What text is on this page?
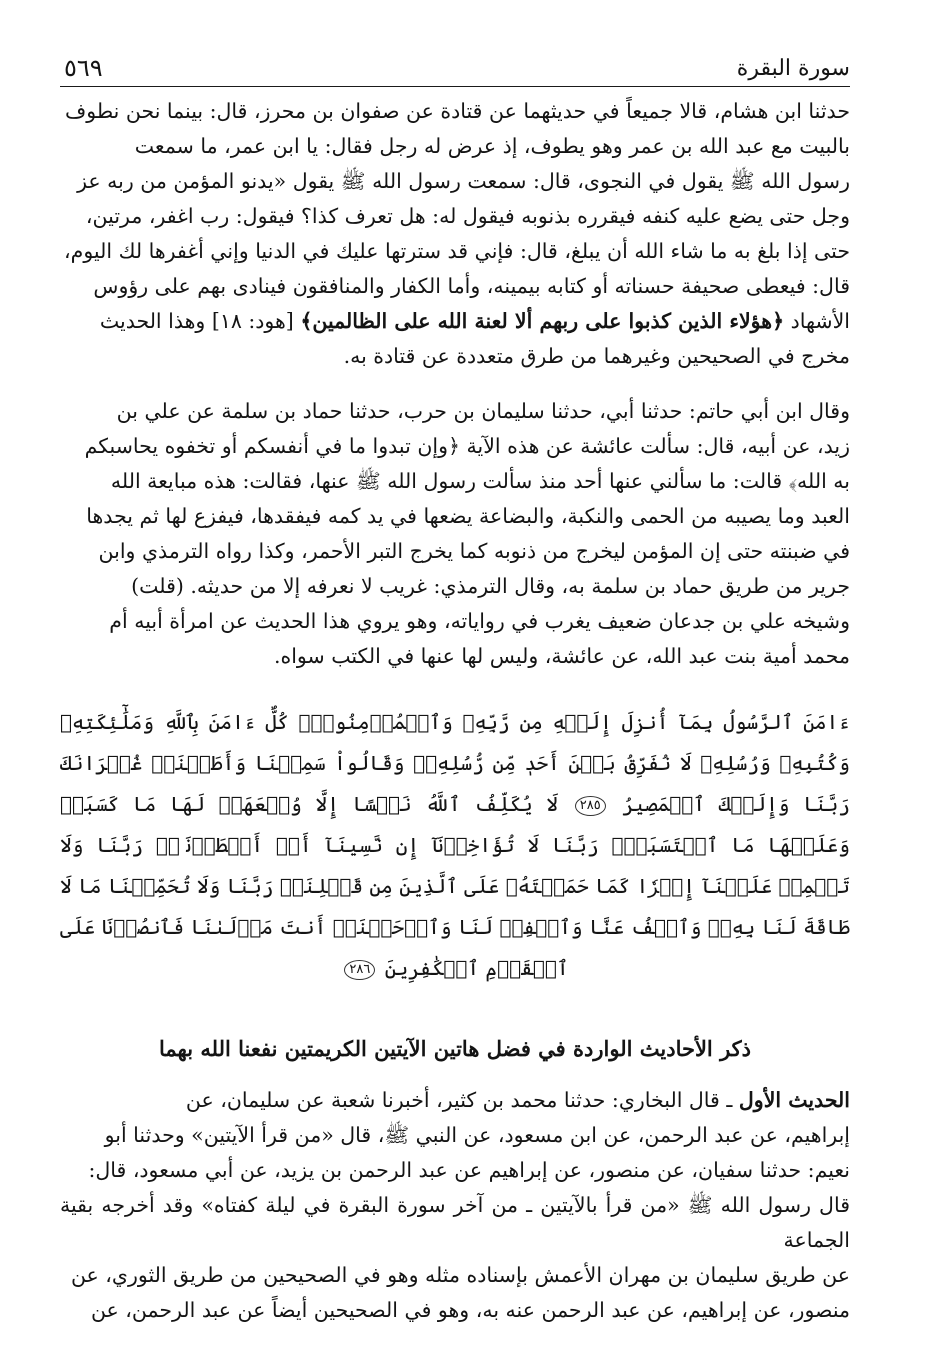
سورة البقرة
٥٦٩

حدثنا ابن هشام، قالا جميعاً في حديثهما عن قتادة عن صفوان بن محرز، قال: بينما نحن نطوف

بالبيت مع عبد الله بن عمر وهو يطوف، إذ عرض له رجل فقال: يا ابن عمر، ما سمعت

رسول الله ﷺ يقول في النجوى، قال: سمعت رسول الله ﷺ يقول «يدنو المؤمن من ربه عز

وجل حتى يضع عليه كنفه فيقرره بذنوبه فيقول له: هل تعرف كذا؟ فيقول: رب اغفر، مرتين،

حتى إذا بلغ به ما شاء الله أن يبلغ، قال: فإني قد سترتها عليك في الدنيا وإني أغفرها لك اليوم،

قال: فيعطى صحيفة حسناته أو كتابه بيمينه، وأما الكفار والمنافقون فينادى بهم على رؤوس

الأشهاد ﴿هؤلاء الذين كذبوا على ربهم ألا لعنة الله على الظالمين﴾ [هود: ١٨] وهذا الحديث

مخرج في الصحيحين وغيرهما من طرق متعددة عن قتادة به.

وقال ابن أبي حاتم: حدثنا أبي، حدثنا سليمان بن حرب، حدثنا حماد بن سلمة عن علي بن

زيد، عن أبيه، قال: سألت عائشة عن هذه الآية ﴿وإن تبدوا ما في أنفسكم أو تخفوه يحاسبكم

به الله﴾ قالت: ما سألني عنها أحد منذ سألت رسول الله ﷺ عنها، فقالت: هذه مبايعة الله

العبد وما يصيبه من الحمى والنكبة، والبضاعة يضعها في يد كمه فيفقدها، فيفزع لها ثم يجدها

في ضبنته حتى إن المؤمن ليخرج من ذنوبه كما يخرج التبر الأحمر، وكذا رواه الترمذي وابن

جرير من طريق حماد بن سلمة به، وقال الترمذي: غريب لا نعرفه إلا من حديثه. (قلت)

وشيخه علي بن جدعان ضعيف يغرب في رواياته، وهو يروي هذا الحديث عن امرأة أبيه أم

محمد أمية بنت عبد الله، عن عائشة، وليس لها عنها في الكتب سواه.

ءَامَنَ ٱلرَّسُولُ بِمَآ أُنزِلَ إِلَيۡهِ مِن رَّبِّهِۦ وَٱلۡمُؤۡمِنُونَۚ كُلٌّ ءَامَنَ بِٱللَّهِ وَمَلَٰٓئِكَتِهِۦ وَكُتُبِهِۦ وَرُسُلِهِۦ لَا نُفَرِّقُ بَيۡنَ أَحَدٖ مِّن رُّسُلِهِۦۚ وَقَالُواْ سَمِعۡنَا وَأَطَعۡنَاۖ غُفۡرَانَكَ رَبَّنَا وَإِلَيۡكَ ٱلۡمَصِيرُ ٢٨٥ لَا يُكَلِّفُ ٱللَّهُ نَفۡسًا إِلَّا وُسۡعَهَاۚ لَهَا مَا كَسَبَتۡ وَعَلَيۡهَا مَا ٱكۡتَسَبَتۡۗ رَبَّنَا لَا تُؤَاخِذۡنَآ إِن نَّسِينَآ أَوۡ أَخۡطَأۡنَاۚ رَبَّنَا وَلَا تَحۡمِلۡ عَلَيۡنَآ إِصۡرٗا كَمَا حَمَلۡتَهُۥ عَلَى ٱلَّذِينَ مِن قَبۡلِنَاۚ رَبَّنَا وَلَا تُحَمِّلۡنَا مَا لَا طَاقَةَ لَنَا بِهِۦۖ وَٱعۡفُ عَنَّا وَٱغۡفِرۡ لَنَا وَٱرۡحَمۡنَآۚ أَنتَ مَوۡلَىٰنَا فَٱنصُرۡنَا عَلَى ٱلۡقَوۡمِ ٱلۡكَٰفِرِينَ ٢٨٦
ذكر الأحاديث الواردة في فضل هاتين الآيتين الكريمتين نفعنا الله بهما

الحديث الأول ـ قال البخاري: حدثنا محمد بن كثير، أخبرنا شعبة عن سليمان، عن

إبراهيم، عن عبد الرحمن، عن ابن مسعود، عن النبي ﷺ، قال «من قرأ الآيتين» وحدثنا أبو

نعيم: حدثنا سفيان، عن منصور، عن إبراهيم عن عبد الرحمن بن يزيد، عن أبي مسعود، قال:

قال رسول الله ﷺ «من قرأ بالآيتين ـ من آخر سورة البقرة في ليلة كفتاه» وقد أخرجه بقية الجماعة

عن طريق سليمان بن مهران الأعمش بإسناده مثله وهو في الصحيحين من طريق الثوري، عن

منصور، عن إبراهيم، عن عبد الرحمن عنه به، وهو في الصحيحين أيضاً عن عبد الرحمن، عن
